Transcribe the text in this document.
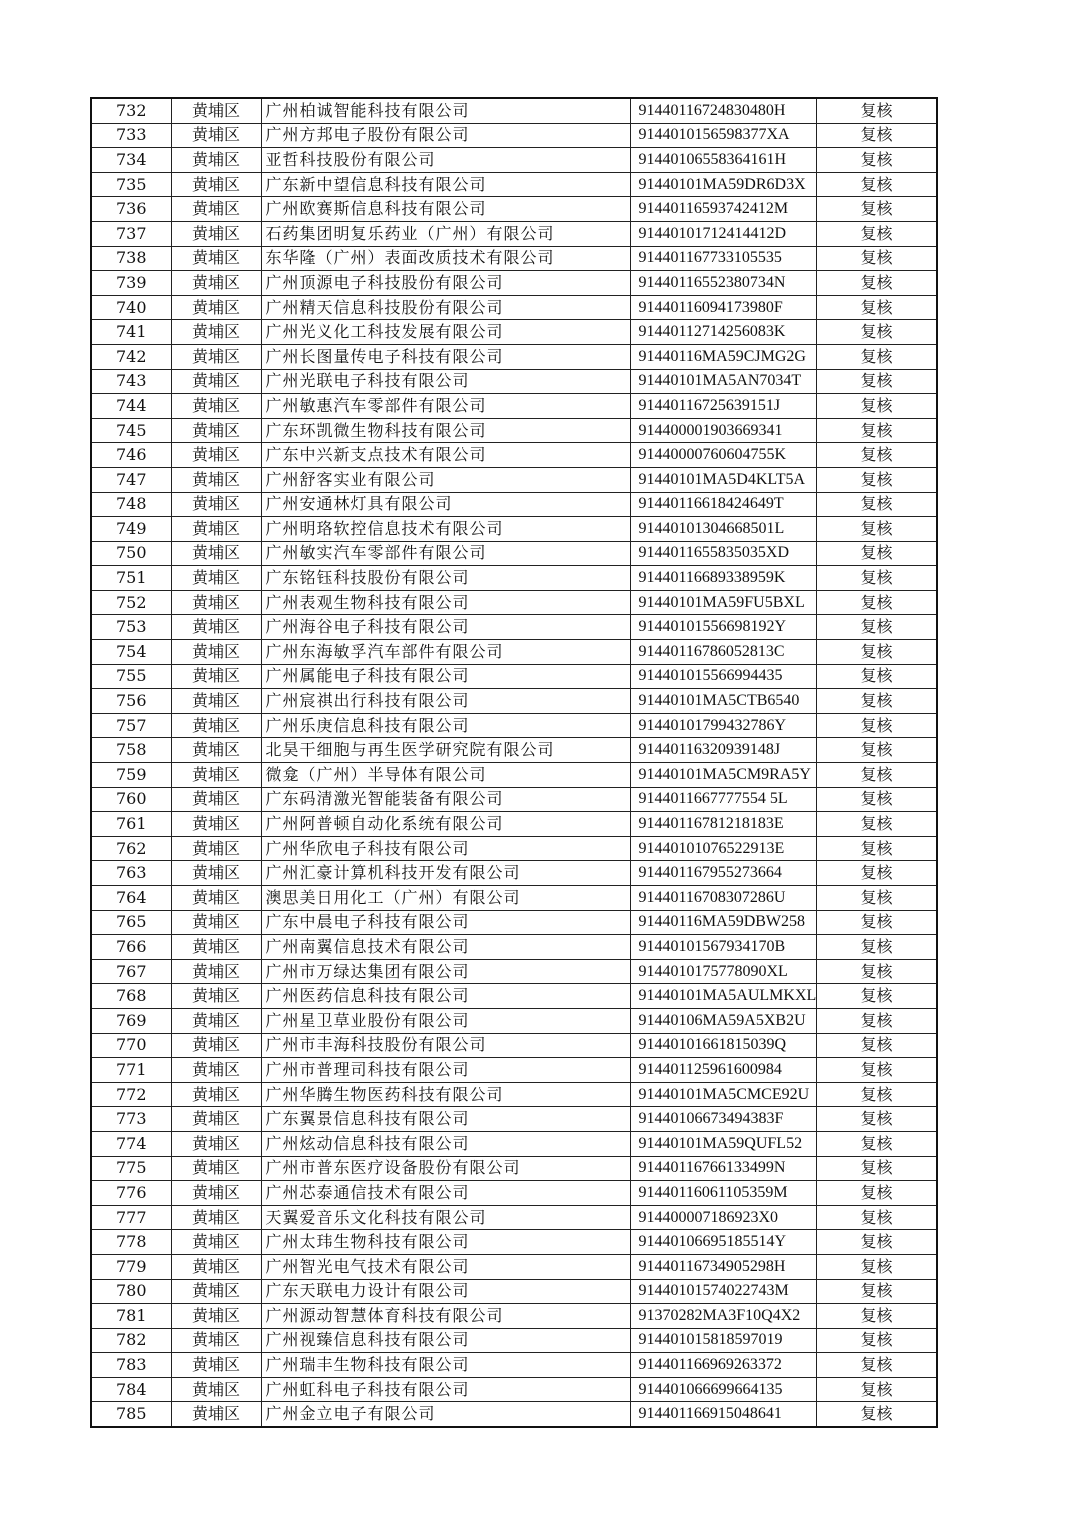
732	黄埔区	广州柏诚智能科技有限公司	91440116724830480H	复核
733	黄埔区	广州方邦电子股份有限公司	9144010156598377XA	复核
734	黄埔区	亚哲科技股份有限公司	91440106558364161H	复核
735	黄埔区	广东新中望信息科技有限公司	91440101MA59DR6D3X	复核
736	黄埔区	广州欧赛斯信息科技有限公司	91440116593742412M	复核
737	黄埔区	石药集团明复乐药业（广州）有限公司	91440101712414412D	复核
738	黄埔区	东华隆（广州）表面改质技术有限公司	914401167733105535	复核
739	黄埔区	广州顶源电子科技股份有限公司	91440116552380734N	复核
740	黄埔区	广州精天信息科技股份有限公司	91440116094173980F	复核
741	黄埔区	广州光义化工科技发展有限公司	91440112714256083K	复核
742	黄埔区	广州长图量传电子科技有限公司	91440116MA59CJMG2G	复核
743	黄埔区	广州光联电子科技有限公司	91440101MA5AN7034T	复核
744	黄埔区	广州敏惠汽车零部件有限公司	91440116725639151J	复核
745	黄埔区	广东环凯微生物科技有限公司	914400001903669341	复核
746	黄埔区	广东中兴新支点技术有限公司	91440000760604755K	复核
747	黄埔区	广州舒客实业有限公司	91440101MA5D4KLT5A	复核
748	黄埔区	广州安通林灯具有限公司	91440116618424649T	复核
749	黄埔区	广州明珞软控信息技术有限公司	91440101304668501L	复核
750	黄埔区	广州敏实汽车零部件有限公司	9144011655835035XD	复核
751	黄埔区	广东铭钰科技股份有限公司	91440116689338959K	复核
752	黄埔区	广州表观生物科技有限公司	91440101MA59FU5BXL	复核
753	黄埔区	广州海谷电子科技有限公司	91440101556698192Y	复核
754	黄埔区	广州东海敏孚汽车部件有限公司	91440116786052813C	复核
755	黄埔区	广州属能电子科技有限公司	914401015566994435	复核
756	黄埔区	广州宸祺出行科技有限公司	91440101MA5CTB6540	复核
757	黄埔区	广州乐庚信息科技有限公司	91440101799432786Y	复核
758	黄埔区	北昊干细胞与再生医学研究院有限公司	91440116320939148J	复核
759	黄埔区	微龛（广州）半导体有限公司	91440101MA5CM9RA5Y	复核
760	黄埔区	广东码清激光智能装备有限公司	9144011667777554 5L	复核
761	黄埔区	广州阿普顿自动化系统有限公司	91440116781218183E	复核
762	黄埔区	广州华欣电子科技有限公司	91440101076522913E	复核
763	黄埔区	广州汇豪计算机科技开发有限公司	914401167955273664	复核
764	黄埔区	澳思美日用化工（广州）有限公司	91440116708307286U	复核
765	黄埔区	广东中晨电子科技有限公司	91440116MA59DBW258	复核
766	黄埔区	广州南翼信息技术有限公司	91440101567934170B	复核
767	黄埔区	广州市万绿达集团有限公司	9144010175778090XL	复核
768	黄埔区	广州医药信息科技有限公司	91440101MA5AULMKXL	复核
769	黄埔区	广州星卫草业股份有限公司	91440106MA59A5XB2U	复核
770	黄埔区	广州市丰海科技股份有限公司	91440101661815039Q	复核
771	黄埔区	广州市普理司科技有限公司	914401125961600984	复核
772	黄埔区	广州华腾生物医药科技有限公司	91440101MA5CMCE92U	复核
773	黄埔区	广东翼景信息科技有限公司	91440106673494383F	复核
774	黄埔区	广州炫动信息科技有限公司	91440101MA59QUFL52	复核
775	黄埔区	广州市普东医疗设备股份有限公司	91440116766133499N	复核
776	黄埔区	广州芯泰通信技术有限公司	91440116061105359M	复核
777	黄埔区	天翼爱音乐文化科技有限公司	914400007186923X0	复核
778	黄埔区	广州太玮生物科技有限公司	91440106695185514Y	复核
779	黄埔区	广州智光电气技术有限公司	91440116734905298H	复核
780	黄埔区	广东天联电力设计有限公司	91440101574022743M	复核
781	黄埔区	广州源动智慧体育科技有限公司	91370282MA3F10Q4X2	复核
782	黄埔区	广州视臻信息科技有限公司	914401015818597019	复核
783	黄埔区	广州瑞丰生物科技有限公司	914401166969263372	复核
784	黄埔区	广州虹科电子科技有限公司	914401066699664135	复核
785	黄埔区	广州金立电子有限公司	914401166915048641	复核
